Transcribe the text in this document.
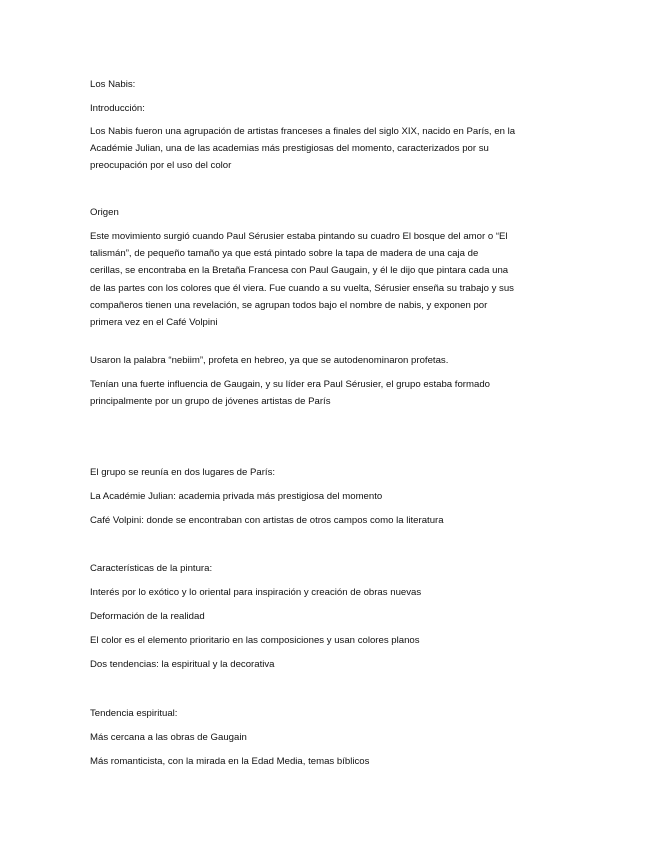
Los Nabis:
Introducción:
Los Nabis fueron una agrupación de artistas franceses a finales del siglo XIX, nacido en París, en la
Académie Julian, una de las academias más prestigiosas del momento, caracterizados por su
preocupación por el uso del color
Origen
Este movimiento surgió cuando Paul Sérusier estaba pintando su cuadro El bosque del amor o “El
talismán”, de pequeño tamaño ya que está pintado sobre la tapa de madera de una caja de
cerillas, se encontraba en la Bretaña Francesa con Paul Gaugain, y él le dijo que pintara cada una
de las partes con los colores que él viera. Fue cuando a su vuelta, Sérusier enseña su trabajo y sus
compañeros tienen una revelación, se agrupan todos bajo el nombre de nabis, y exponen por
primera vez en el Café Volpini
Usaron la palabra “nebiim”, profeta en hebreo, ya que se autodenominaron profetas.
Tenían una fuerte influencia de Gaugain, y su líder era Paul Sérusier, el grupo estaba formado
principalmente por un grupo de jóvenes artistas de París
El grupo se reunía en dos lugares de París:
La Académie Julian: academia privada más prestigiosa del momento
Café Volpini: donde se encontraban con artistas de otros campos como la literatura
Características de la pintura:
Interés por lo exótico y lo oriental para inspiración y creación de obras nuevas
Deformación de la realidad
El color es el elemento prioritario en las composiciones y usan colores planos
Dos tendencias: la espiritual y la decorativa
Tendencia espiritual:
Más cercana a las obras de Gaugain
Más romanticista, con la mirada en la Edad Media, temas bíblicos
